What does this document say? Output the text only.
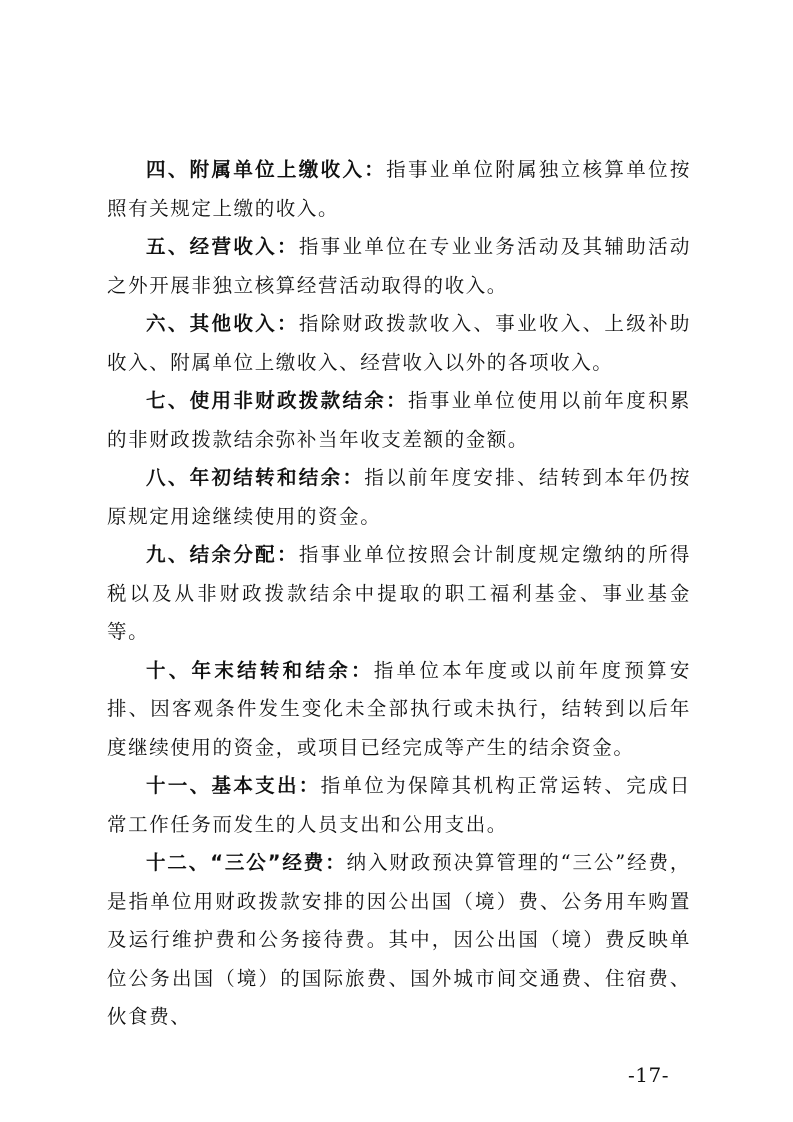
四、附属单位上缴收入：指事业单位附属独立核算单位按照有关规定上缴的收入。

五、经营收入：指事业单位在专业业务活动及其辅助活动之外开展非独立核算经营活动取得的收入。

六、其他收入：指除财政拨款收入、事业收入、上级补助收入、附属单位上缴收入、经营收入以外的各项收入。

七、使用非财政拨款结余：指事业单位使用以前年度积累的非财政拨款结余弥补当年收支差额的金额。

八、年初结转和结余：指以前年度安排、结转到本年仍按原规定用途继续使用的资金。

九、结余分配：指事业单位按照会计制度规定缴纳的所得税以及从非财政拨款结余中提取的职工福利基金、事业基金等。

十、年末结转和结余：指单位本年度或以前年度预算安排、因客观条件发生变化未全部执行或未执行，结转到以后年度继续使用的资金，或项目已经完成等产生的结余资金。

十一、基本支出：指单位为保障其机构正常运转、完成日常工作任务而发生的人员支出和公用支出。

十二、“三公”经费：纳入财政预决算管理的“三公”经费，是指单位用财政拨款安排的因公出国（境）费、公务用车购置及运行维护费和公务接待费。其中，因公出国（境）费反映单位公务出国（境）的国际旅费、国外城市间交通费、住宿费、伙食费、

-17-
